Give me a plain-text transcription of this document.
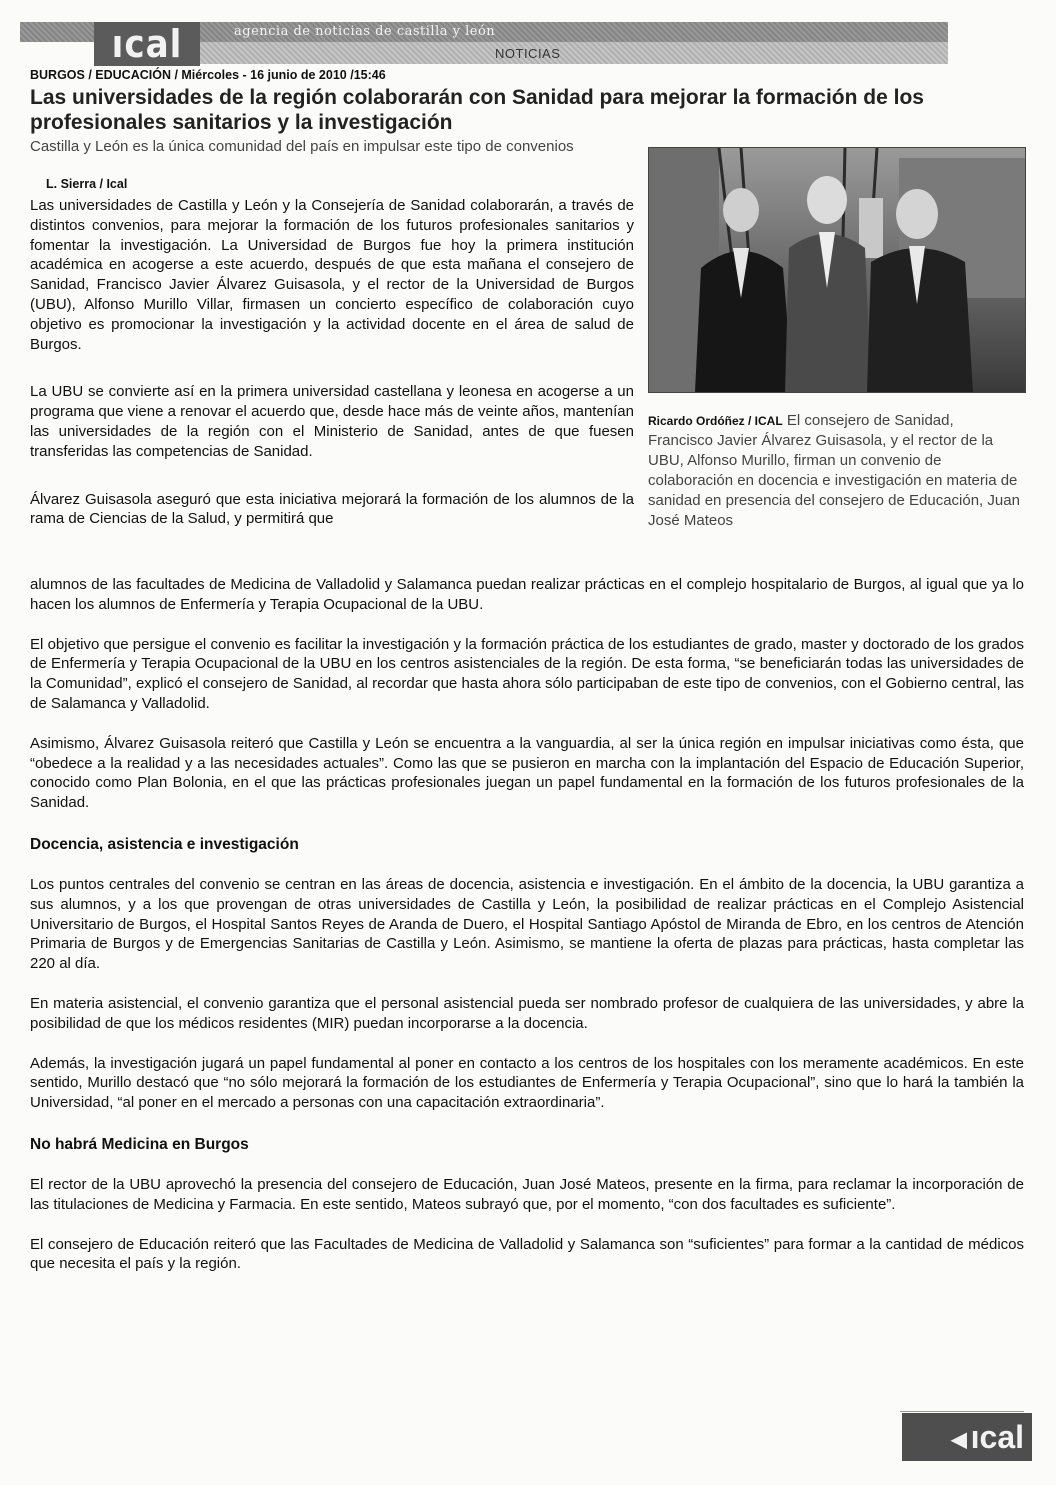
ıcal	agencia de noticias de castilla y león
NOTICIAS
BURGOS / EDUCACIÓN / Miércoles - 16 junio de 2010 /15:46
Las universidades de la región colaborarán con Sanidad para mejorar la formación de los profesionales sanitarios y la investigación

Castilla y León es la única comunidad del país en impulsar este tipo de convenios

L. Sierra / Ical

Las universidades de Castilla y León y la Consejería de Sanidad colaborarán, a través de distintos convenios, para mejorar la formación de los futuros profesionales sanitarios y fomentar la investigación. La Universidad de Burgos fue hoy la primera institución académica en acogerse a este acuerdo, después de que esta mañana el consejero de Sanidad, Francisco Javier Álvarez Guisasola, y el rector de la Universidad de Burgos (UBU), Alfonso Murillo Villar, firmasen un concierto específico de colaboración cuyo objetivo es promocionar la investigación y la actividad docente en el área de salud de Burgos.

La UBU se convierte así en la primera universidad castellana y leonesa en acogerse a un programa que viene a renovar el acuerdo que, desde hace más de veinte años, mantenían las universidades de la región con el Ministerio de Sanidad, antes de que fuesen transferidas las competencias de Sanidad.

Álvarez Guisasola aseguró que esta iniciativa mejorará la formación de los alumnos de la rama de Ciencias de la Salud, y permitirá que

Ricardo Ordóñez / ICAL El consejero de Sanidad, Francisco Javier Álvarez Guisasola, y el rector de la UBU, Alfonso Murillo, firman un convenio de colaboración en docencia e investigación en materia de sanidad en presencia del consejero de Educación, Juan José Mateos

alumnos de las facultades de Medicina de Valladolid y Salamanca puedan realizar prácticas en el complejo hospitalario de Burgos, al igual que ya lo hacen los alumnos de Enfermería y Terapia Ocupacional de la UBU.

El objetivo que persigue el convenio es facilitar la investigación y la formación práctica de los estudiantes de grado, master y doctorado de los grados de Enfermería y Terapia Ocupacional de la UBU en los centros asistenciales de la región. De esta forma, “se beneficiarán todas las universidades de la Comunidad”, explicó el consejero de Sanidad, al recordar que hasta ahora sólo participaban de este tipo de convenios, con el Gobierno central, las de Salamanca y Valladolid.

Asimismo, Álvarez Guisasola reiteró que Castilla y León se encuentra a la vanguardia, al ser la única región en impulsar iniciativas como ésta, que “obedece a la realidad y a las necesidades actuales”. Como las que se pusieron en marcha con la implantación del Espacio de Educación Superior, conocido como Plan Bolonia, en el que las prácticas profesionales juegan un papel fundamental en la formación de los futuros profesionales de la Sanidad.

Docencia, asistencia e investigación

Los puntos centrales del convenio se centran en las áreas de docencia, asistencia e investigación. En el ámbito de la docencia, la UBU garantiza a sus alumnos, y a los que provengan de otras universidades de Castilla y León, la posibilidad de realizar prácticas en el Complejo Asistencial Universitario de Burgos, el Hospital Santos Reyes de Aranda de Duero, el Hospital Santiago Apóstol de Miranda de Ebro, en los centros de Atención Primaria de Burgos y de Emergencias Sanitarias de Castilla y León. Asimismo, se mantiene la oferta de plazas para prácticas, hasta completar las 220 al día.

En materia asistencial, el convenio garantiza que el personal asistencial pueda ser nombrado profesor de cualquiera de las universidades, y abre la posibilidad de que los médicos residentes (MIR) puedan incorporarse a la docencia.

Además, la investigación jugará un papel fundamental al poner en contacto a los centros de los hospitales con los meramente académicos. En este sentido, Murillo destacó que “no sólo mejorará la formación de los estudiantes de Enfermería y Terapia Ocupacional”, sino que lo hará la también la Universidad, “al poner en el mercado a personas con una capacitación extraordinaria”.

No habrá Medicina en Burgos

El rector de la UBU aprovechó la presencia del consejero de Educación, Juan José Mateos, presente en la firma, para reclamar la incorporación de las titulaciones de Medicina y Farmacia. En este sentido, Mateos subrayó que, por el momento, “con dos facultades es suficiente”.

El consejero de Educación reiteró que las Facultades de Medicina de Valladolid y Salamanca son “suficientes” para formar a la cantidad de médicos que necesita el país y la región.

◀ ıcal
